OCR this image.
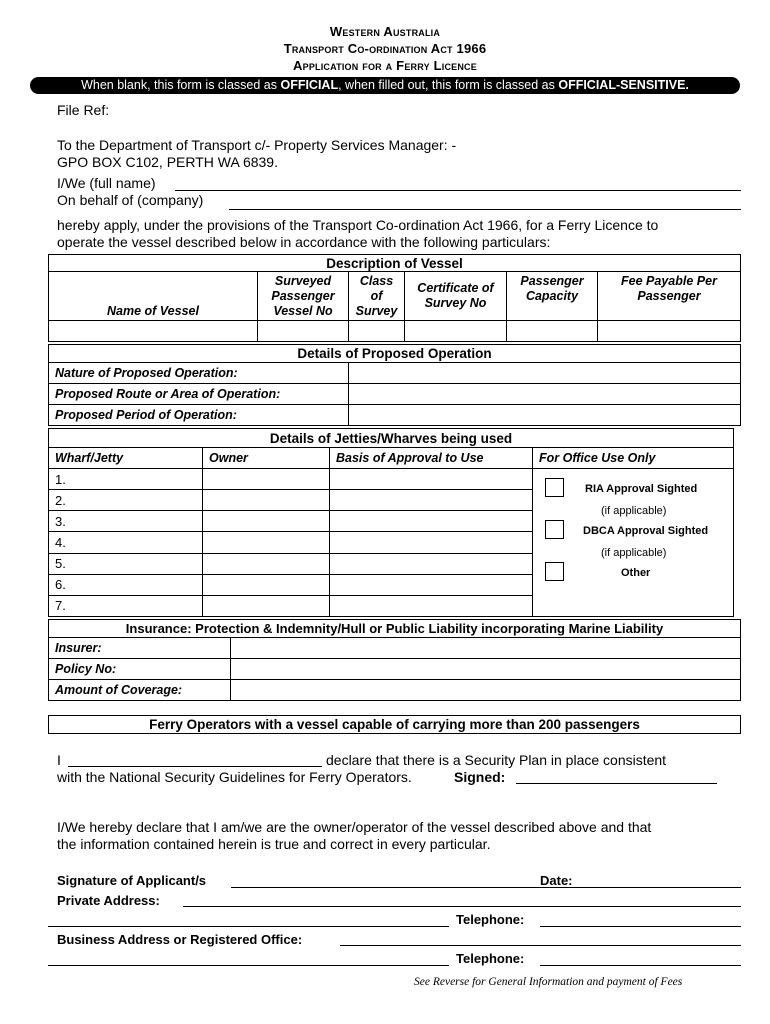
Western Australia
Transport Co-ordination Act 1966
Application for a Ferry Licence
When blank, this form is classed as OFFICIAL, when filled out, this form is classed as OFFICIAL-SENSITIVE.
File Ref:
To the Department of Transport c/- Property Services Manager: -
GPO BOX C102, PERTH WA 6839.
I/We (full name)
On behalf of (company)
hereby apply, under the provisions of the Transport Co-ordination Act 1966, for a Ferry Licence to
operate the vessel described below in accordance with the following particulars:
Description of Vessel					
Name of Vessel	Surveyed Passenger Vessel No	Class of Survey	Certificate of Survey No	Passenger Capacity	Fee Payable Per Passenger

Details of Proposed Operation	
Nature of Proposed Operation:	
Proposed Route or Area of Operation:	
Proposed Period of Operation:	
Details of Jetties/Wharves being used			
Wharf/Jetty	Owner	Basis of Approval to Use	For Office Use Only
1.			RIA Approval Sighted
(if applicable)
DBCA Approval Sighted
(if applicable)
Other

2.			
3.			
4.			
5.			
6.			
7.			
Insurance: Protection & Indemnity/Hull or Public Liability incorporating Marine Liability	
Insurer:	
Policy No:	
Amount of Coverage:	
Ferry Operators with a vessel capable of carrying more than 200 passengers
I	declare that there is a Security Plan in place consistent
with the National Security Guidelines for Ferry Operators.	Signed:
I/We hereby declare that I am/we are the owner/operator of the vessel described above and that
the information contained herein is true and correct in every particular.
Signature of Applicant/s	Date:
Private Address:
Telephone:
Business Address or Registered Office:
Telephone:
See Reverse for General Information and payment of Fees
